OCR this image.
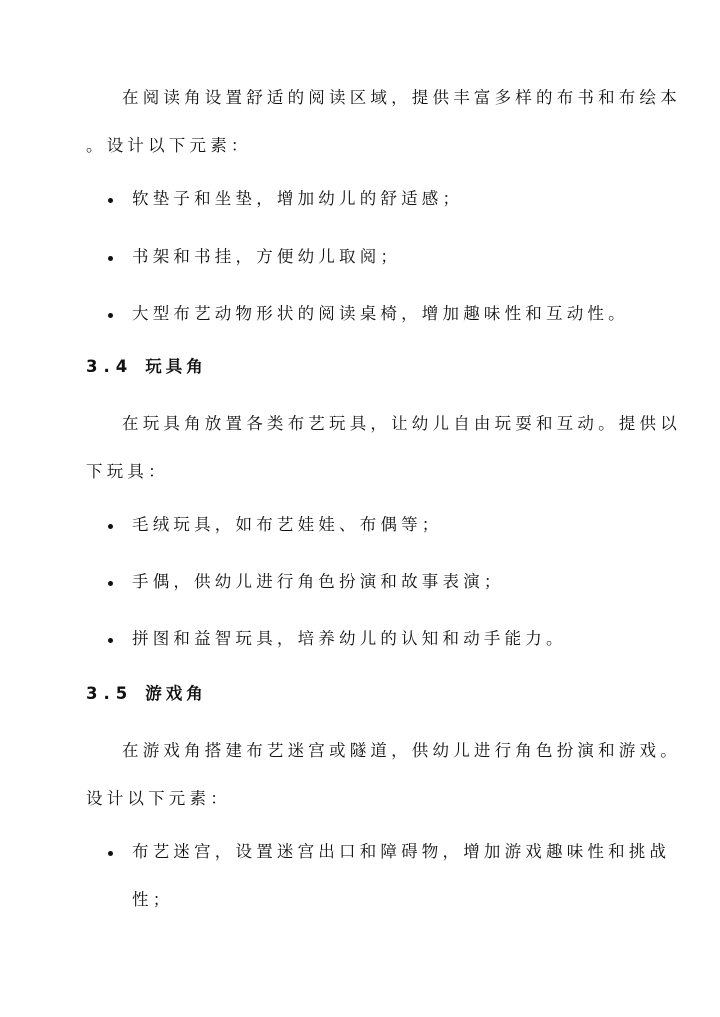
在阅读角设置舒适的阅读区域，提供丰富多样的布书和布绘本
。设计以下元素：
软垫子和坐垫，增加幼儿的舒适感；
书架和书挂，方便幼儿取阅；
大型布艺动物形状的阅读桌椅，增加趣味性和互动性。
3.4 玩具角
在玩具角放置各类布艺玩具，让幼儿自由玩耍和互动。提供以
下玩具：
毛绒玩具，如布艺娃娃、布偶等；
手偶，供幼儿进行角色扮演和故事表演；
拼图和益智玩具，培养幼儿的认知和动手能力。
3.5 游戏角
在游戏角搭建布艺迷宫或隧道，供幼儿进行角色扮演和游戏。
设计以下元素：
布艺迷宫，设置迷宫出口和障碍物，增加游戏趣味性和挑战
性；
